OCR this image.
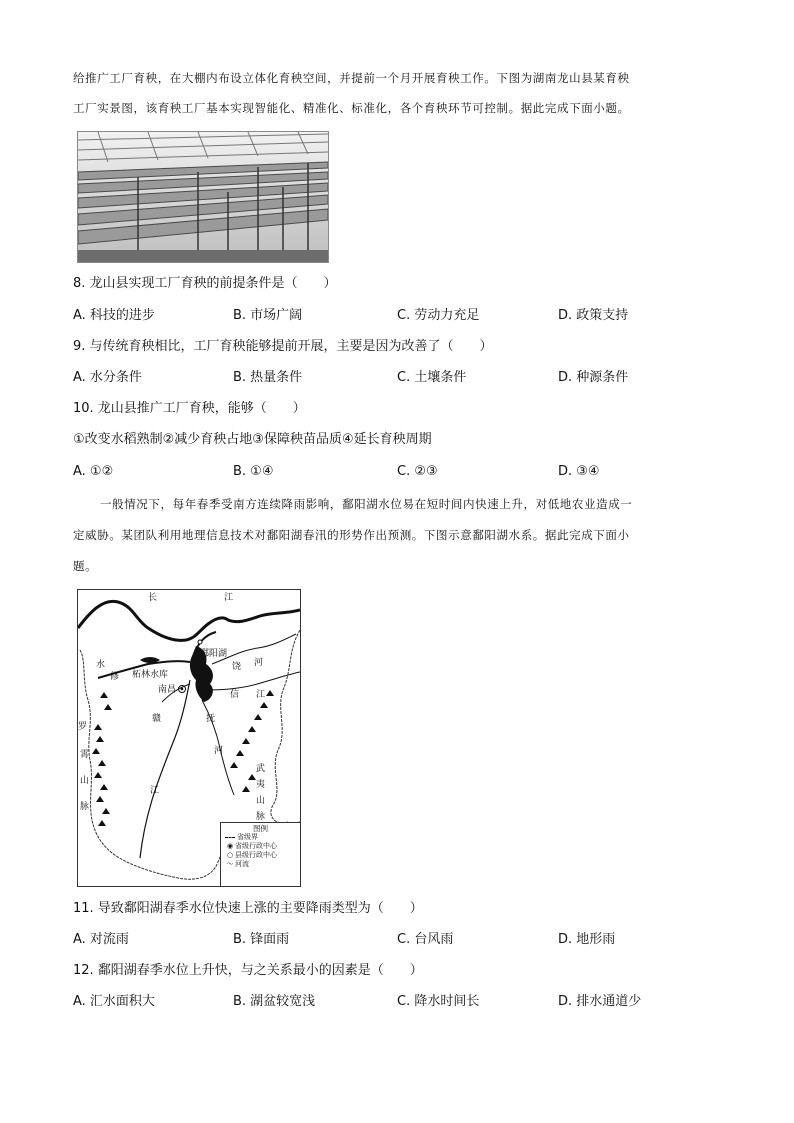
给推广工厂育秧，在大棚内布设立体化育秧空间，并提前一个月开展育秧工作。下图为湖南龙山县某育秧
工厂实景图，该育秧工厂基本实现智能化、精准化、标准化，各个育秧环节可控制。据此完成下面小题。
8. 龙山县实现工厂育秧的前提条件是（　　）
A. 科技的进步	B. 市场广阔	C. 劳动力充足	D. 政策支持
9. 与传统育秧相比，工厂育秧能够提前开展，主要是因为改善了（　　）
A. 水分条件	B. 热量条件	C. 土壤条件	D. 种源条件
10. 龙山县推广工厂育秧，能够（　　）
①改变水稻熟制②减少育秧占地③保障秧苗品质④延长育秧周期
A. ①②	B. ①④	C. ②③	D. ③④
一般情况下，每年春季受南方连续降雨影响，鄱阳湖水位易在短时间内快速上升，对低地农业造成一
定威胁。某团队利用地理信息技术对鄱阳湖春汛的形势作出预测。下图示意鄱阳湖水系。据此完成下面小
题。
长	江
鄱阳湖
饶 河
水
修 柘林水库
南昌	信 江
赣	抚
河
江
罗
霄
山
脉
武
夷
山
脉
图例
省级界
◉ 省级行政中心
○ 县级行政中心
〜 河流
11. 导致鄱阳湖春季水位快速上涨的主要降雨类型为（　　）
A. 对流雨	B. 锋面雨	C. 台风雨	D. 地形雨
12. 鄱阳湖春季水位上升快，与之关系最小的因素是（　　）
A. 汇水面积大	B. 湖盆较宽浅	C. 降水时间长	D. 排水通道少
